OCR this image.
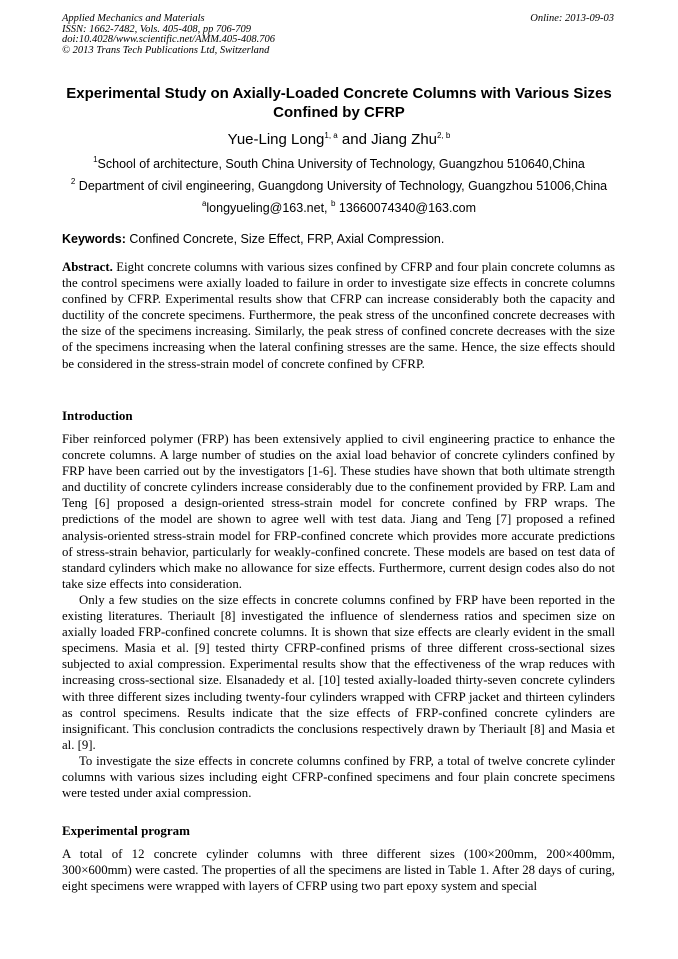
Applied Mechanics and Materials
ISSN: 1662-7482, Vols. 405-408, pp 706-709
doi:10.4028/www.scientific.net/AMM.405-408.706
© 2013 Trans Tech Publications Ltd, Switzerland
Online: 2013-09-03
Experimental Study on Axially-Loaded Concrete Columns with Various Sizes Confined by CFRP
Yue-Ling Long$^{1, a}$ and Jiang Zhu$^{2, b}$
$^1$School of architecture, South China University of Technology, Guangzhou 510640,China
$^2$ Department of civil engineering, Guangdong University of Technology, Guangzhou 51006,China
$^a$longyueling@163.net, $^b$ 13660074340@163.com
Keywords: Confined Concrete, Size Effect, FRP, Axial Compression.
Abstract. Eight concrete columns with various sizes confined by CFRP and four plain concrete columns as the control specimens were axially loaded to failure in order to investigate size effects in concrete columns confined by CFRP. Experimental results show that CFRP can increase considerably both the capacity and ductility of the concrete specimens. Furthermore, the peak stress of the unconfined concrete decreases with the size of the specimens increasing. Similarly, the peak stress of confined concrete decreases with the size of the specimens increasing when the lateral confining stresses are the same. Hence, the size effects should be considered in the stress-strain model of concrete confined by CFRP.
Introduction
Fiber reinforced polymer (FRP) has been extensively applied to civil engineering practice to enhance the concrete columns. A large number of studies on the axial load behavior of concrete cylinders confined by FRP have been carried out by the investigators [1-6]. These studies have shown that both ultimate strength and ductility of concrete cylinders increase considerably due to the confinement provided by FRP. Lam and Teng [6] proposed a design-oriented stress-strain model for concrete confined by FRP wraps. The predictions of the model are shown to agree well with test data. Jiang and Teng [7] proposed a refined analysis-oriented stress-strain model for FRP-confined concrete which provides more accurate predictions of stress-strain behavior, particularly for weakly-confined concrete. These models are based on test data of standard cylinders which make no allowance for size effects. Furthermore, current design codes also do not take size effects into consideration.
Only a few studies on the size effects in concrete columns confined by FRP have been reported in the existing literatures. Theriault [8] investigated the influence of slenderness ratios and specimen size on axially loaded FRP-confined concrete columns. It is shown that size effects are clearly evident in the small specimens. Masia et al. [9] tested thirty CFRP-confined prisms of three different cross-sectional sizes subjected to axial compression. Experimental results show that the effectiveness of the wrap reduces with increasing cross-sectional size. Elsanadedy et al. [10] tested axially-loaded thirty-seven concrete cylinders with three different sizes including twenty-four cylinders wrapped with CFRP jacket and thirteen cylinders as control specimens. Results indicate that the size effects of FRP-confined concrete cylinders are insignificant. This conclusion contradicts the conclusions respectively drawn by Theriault [8] and Masia et al. [9].
To investigate the size effects in concrete columns confined by FRP, a total of twelve concrete cylinder columns with various sizes including eight CFRP-confined specimens and four plain concrete specimens were tested under axial compression.
Experimental program
A total of 12 concrete cylinder columns with three different sizes (100×200mm, 200×400mm, 300×600mm) were casted. The properties of all the specimens are listed in Table 1. After 28 days of curing, eight specimens were wrapped with layers of CFRP using two part epoxy system and special
